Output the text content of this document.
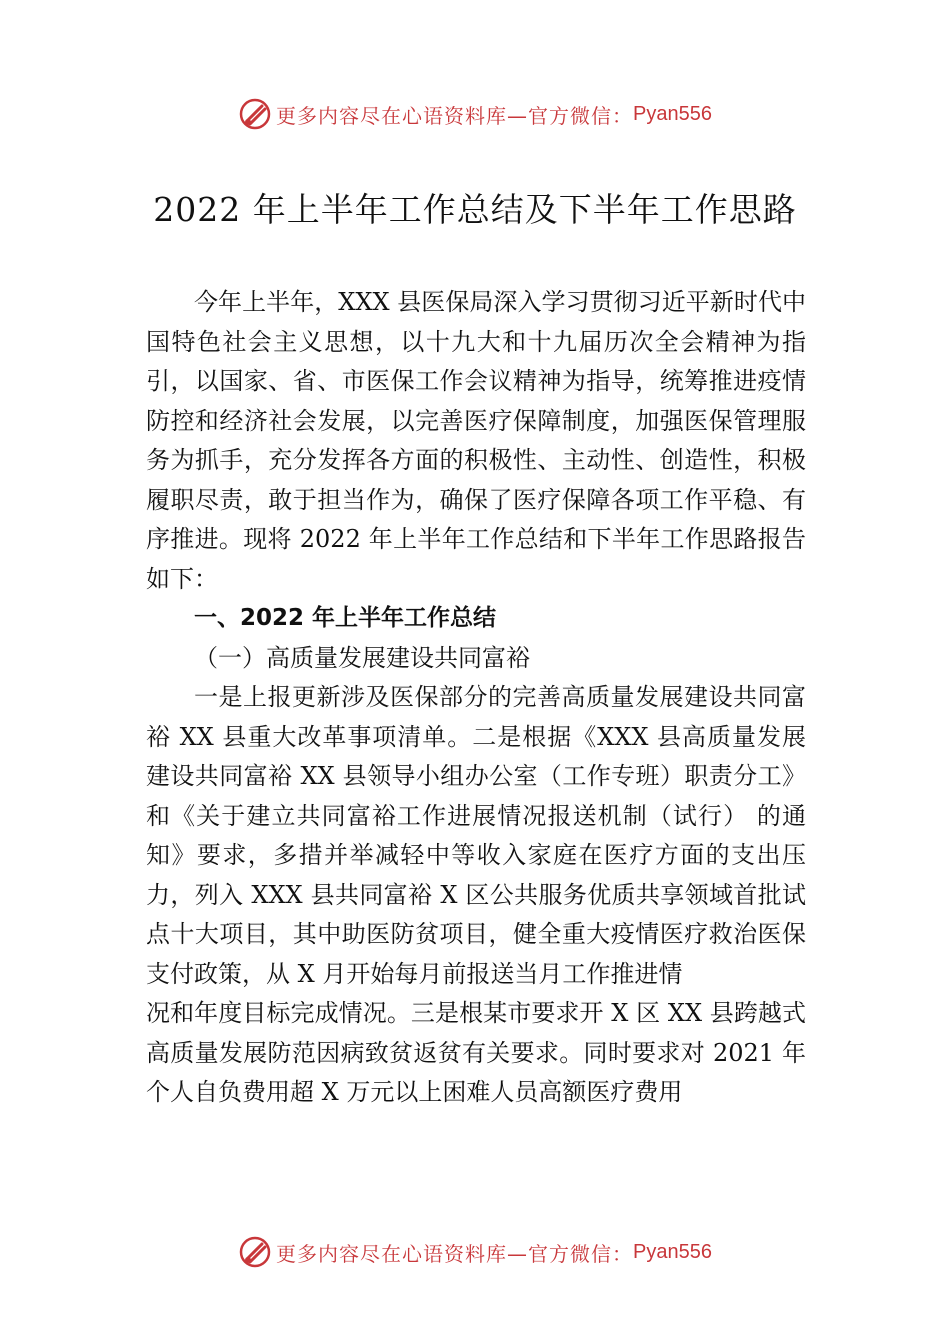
更多内容尽在心语资料库—官方微信： Pyan556
2022 年上半年工作总结及下半年工作思路

今年上半年，XXX 县医保局深入学习贯彻习近平新时代中国特色社会主义思想，以十九大和十九届历次全会精神为指引，以国家、省、市医保工作会议精神为指导，统筹推进疫情防控和经济社会发展，以完善医疗保障制度，加强医保管理服务为抓手，充分发挥各方面的积极性、主动性、创造性，积极履职尽责，敢于担当作为，确保了医疗保障各项工作平稳、有序推进。现将 2022 年上半年工作总结和下半年工作思路报告如下：

一、2022 年上半年工作总结

（一）高质量发展建设共同富裕

一是上报更新涉及医保部分的完善高质量发展建设共同富裕 XX 县重大改革事项清单。二是根据《XXX 县高质量发展建设共同富裕 XX 县领导小组办公室（工作专班）职责分工》和《关于建立共同富裕工作进展情况报送机制（试行） 的通知》要求，多措并举减轻中等收入家庭在医疗方面的支出压力，列入 XXX 县共同富裕 X 区公共服务优质共享领域首批试点十大项目，其中助医防贫项目，健全重大疫情医疗救治医保支付政策，从 X 月开始每月前报送当月工作推进情

况和年度目标完成情况。三是根某市要求开 X 区 XX 县跨越式高质量发展防范因病致贫返贫有关要求。同时要求对 2021 年个人自负费用超 X 万元以上困难人员高额医疗费用

更多内容尽在心语资料库—官方微信： Pyan556
